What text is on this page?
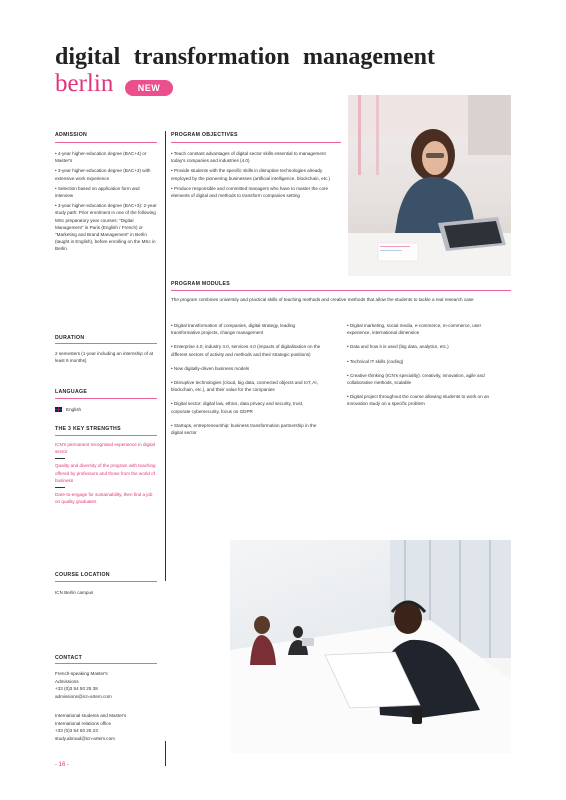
digital transformation management
berlin	NEW
ADMISSION
• 4-year higher-education degree (BAC+4) or Master's
• 3-year higher-education degree (BAC+3) with extensive work experience
• Selection based on application form and interview
• 3-year higher-education degree (BAC+3): 2-year study path: Prior enrolment in one of the following MSc preparatory year courses: "Digital Management" in Paris (English / French) or "Marketing and Brand Management" in Berlin (taught in English), before enrolling on the MSc in Berlin.
DURATION
2 semesters (1-year including an internship of at least 6 months)
LANGUAGE
English
THE 3 KEY STRENGTHS
ICN's permanent recognised experience in digital sector
Quality and diversity of the program with teaching offered by professors and those from the world of business
Dare-to-engage for sustainability, then find a job on quality graduates
COURSE LOCATION
ICN Berlin campus
CONTACT
French-speaking Master's
Admissions
+33 (0)3 54 50 25 38
admissions@icn-artem.com
International students and Master's
International relations office
+33 (0)3 54 50 25 23
study.abroad@icn-artem.com
PROGRAM OBJECTIVES
• Teach constant advantages of digital sector skills essential to management today's companies and industries (4.0)
• Provide students with the specific skills in disruptive technologies already employed by the pioneering businesses (artificial intelligence, blockchain, etc.)
• Produce responsible and committed managers who have to master the core elements of digital and methods to transform companies setting
PROGRAM MODULES
The program combines university and practical skills of teaching methods and creative methods that allow the students to tackle a real research case
• Digital transformation of companies, digital strategy, leading transformative projects, change management
• Enterprise 4.0, industry 4.0, services 4.0 (impacts of digitalisation on the different sectors of activity and methods and their strategic positions)
• New digitally-driven business models
• Disruptive technologies (cloud, big data, connected objects and IoT, AI, blockchain, etc.), and their value for the companies
• Digital sector: digital law, ethics, data privacy and security, trust, corporate cybersecurity, focus on GDPR
• Startups, entrepreneurship: business transformation partnership in the digital sector
• Digital marketing, social media, e-commerce, m-commerce, user experience, international dimension
• Data and how it is used (big data, analytics, etc.)
• Technical IT skills (coding)
• Creative thinking (ICN's speciality): creativity, innovation, agile and collaborative methods, scalable
• Digital project throughout the course allowing students to work on an innovation study on a specific problem
- 16 -
